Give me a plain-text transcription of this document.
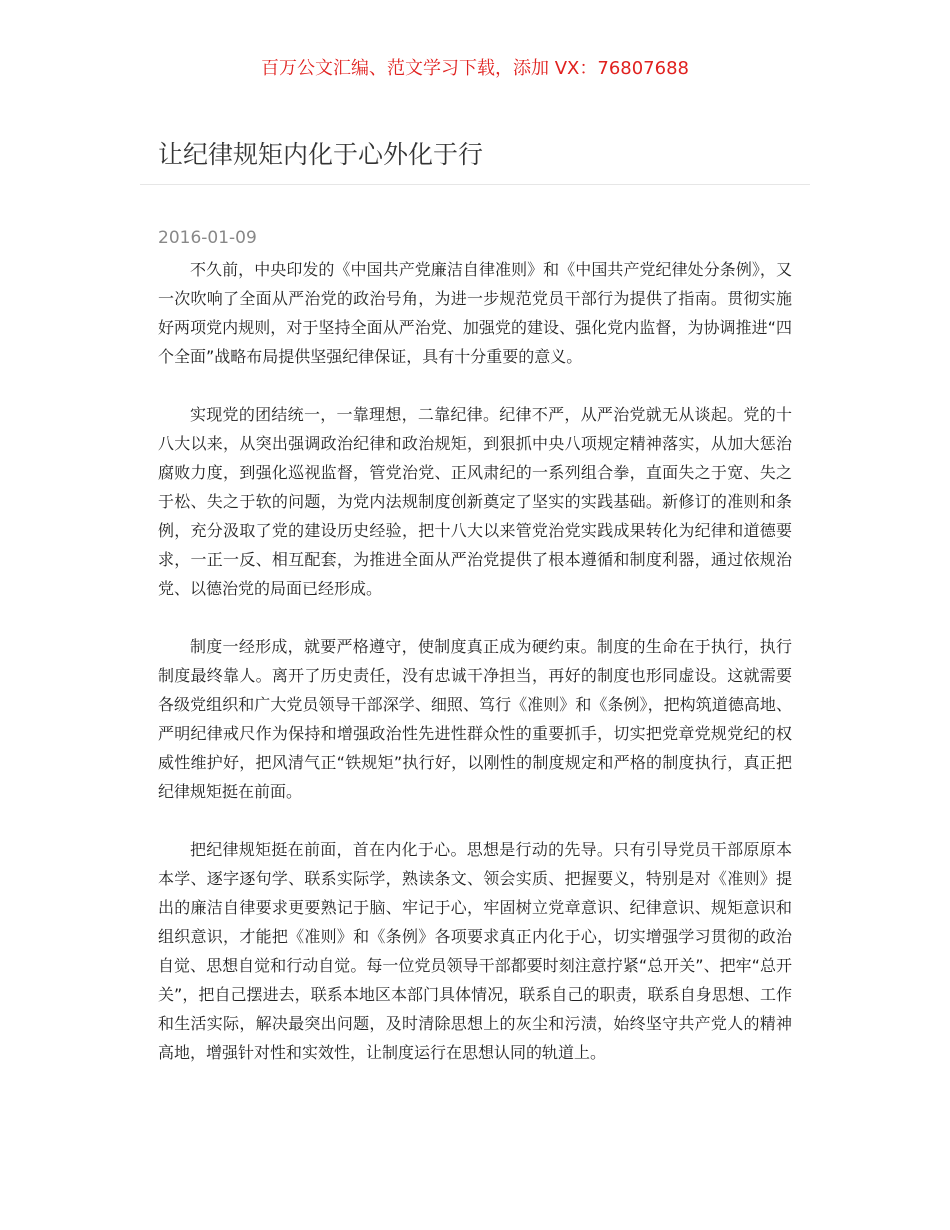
百万公文汇编、范文学习下载，添加 VX：76807688
让纪律规矩内化于心外化于行
2016-01-09

不久前，中央印发的《中国共产党廉洁自律准则》和《中国共产党纪律处分条例》，又一次吹响了全面从严治党的政治号角，为进一步规范党员干部行为提供了指南。贯彻实施好两项党内规则，对于坚持全面从严治党、加强党的建设、强化党内监督，为协调推进“四个全面”战略布局提供坚强纪律保证，具有十分重要的意义。

实现党的团结统一，一靠理想，二靠纪律。纪律不严，从严治党就无从谈起。党的十八大以来，从突出强调政治纪律和政治规矩，到狠抓中央八项规定精神落实，从加大惩治腐败力度，到强化巡视监督，管党治党、正风肃纪的一系列组合拳，直面失之于宽、失之于松、失之于软的问题，为党内法规制度创新奠定了坚实的实践基础。新修订的准则和条例，充分汲取了党的建设历史经验，把十八大以来管党治党实践成果转化为纪律和道德要求，一正一反、相互配套，为推进全面从严治党提供了根本遵循和制度利器，通过依规治党、以德治党的局面已经形成。

制度一经形成，就要严格遵守，使制度真正成为硬约束。制度的生命在于执行，执行制度最终靠人。离开了历史责任，没有忠诚干净担当，再好的制度也形同虚设。这就需要各级党组织和广大党员领导干部深学、细照、笃行《准则》和《条例》，把构筑道德高地、严明纪律戒尺作为保持和增强政治性先进性群众性的重要抓手，切实把党章党规党纪的权威性维护好，把风清气正“铁规矩”执行好，以刚性的制度规定和严格的制度执行，真正把纪律规矩挺在前面。

把纪律规矩挺在前面，首在内化于心。思想是行动的先导。只有引导党员干部原原本本学、逐字逐句学、联系实际学，熟读条文、领会实质、把握要义，特别是对《准则》提出的廉洁自律要求更要熟记于脑、牢记于心，牢固树立党章意识、纪律意识、规矩意识和组织意识，才能把《准则》和《条例》各项要求真正内化于心，切实增强学习贯彻的政治自觉、思想自觉和行动自觉。每一位党员领导干部都要时刻注意拧紧“总开关”、把牢“总开关”，把自己摆进去，联系本地区本部门具体情况，联系自己的职责，联系自身思想、工作和生活实际，解决最突出问题，及时清除思想上的灰尘和污渍，始终坚守共产党人的精神高地，增强针对性和实效性，让制度运行在思想认同的轨道上。
